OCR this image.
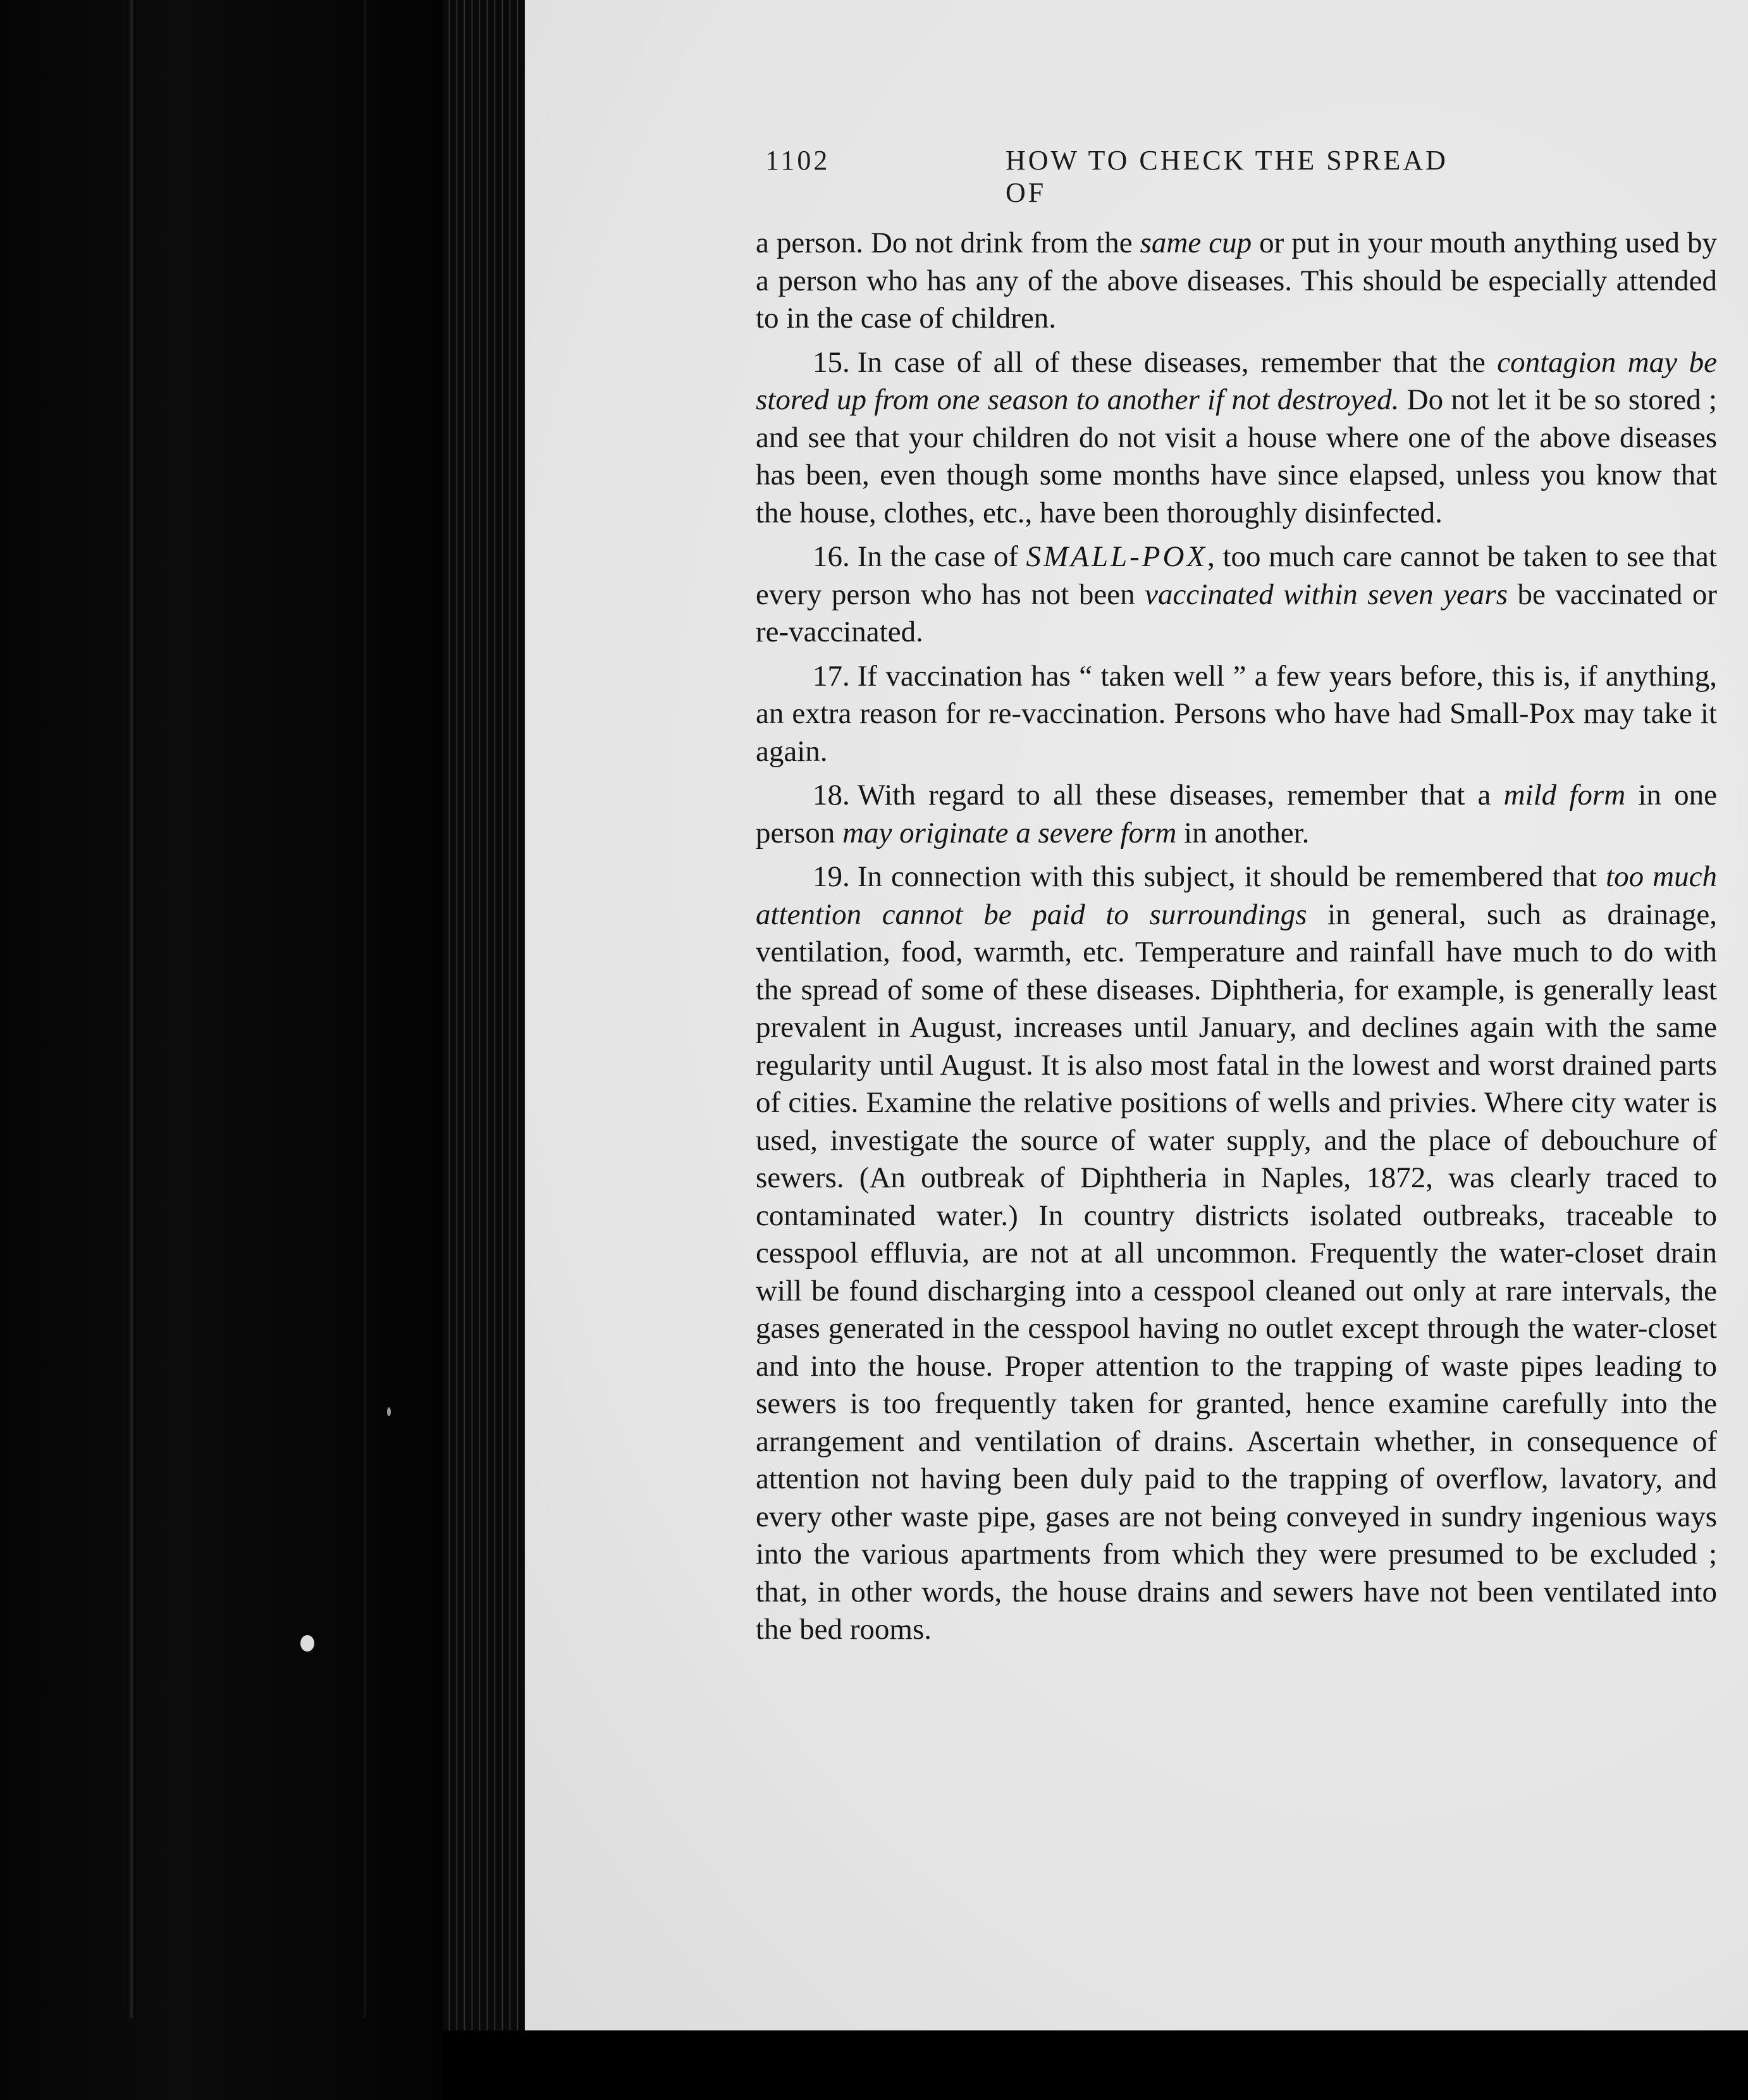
1102	HOW TO CHECK THE SPREAD OF

a person. Do not drink from the same cup or put in your mouth anything used by a person who has any of the above diseases. This should be especially attended to in the case of children.

15. In case of all of these diseases, remember that the contagion may be stored up from one season to another if not destroyed. Do not let it be so stored ; and see that your children do not visit a house where one of the above diseases has been, even though some months have since elapsed, unless you know that the house, clothes, etc., have been thoroughly disinfected.

16. In the case of SMALL-POX, too much care cannot be taken to see that every person who has not been vaccinated within seven years be vaccinated or re-vaccinated.

17. If vaccination has “ taken well ” a few years before, this is, if anything, an extra reason for re-vaccination. Persons who have had Small-Pox may take it again.

18. With regard to all these diseases, remember that a mild form in one person may originate a severe form in another.

19. In connection with this subject, it should be remembered that too much attention cannot be paid to surroundings in general, such as drainage, ventilation, food, warmth, etc. Temperature and rainfall have much to do with the spread of some of these diseases. Diphtheria, for example, is generally least prevalent in August, increases until January, and declines again with the same regularity until August. It is also most fatal in the lowest and worst drained parts of cities. Examine the relative positions of wells and privies. Where city water is used, investigate the source of water supply, and the place of debouchure of sewers. (An outbreak of Diphtheria in Naples, 1872, was clearly traced to contaminated water.) In country districts isolated outbreaks, traceable to cesspool effluvia, are not at all uncommon. Frequently the water-closet drain will be found discharging into a cesspool cleaned out only at rare intervals, the gases generated in the cesspool having no outlet except through the water-closet and into the house. Proper attention to the trapping of waste pipes leading to sewers is too frequently taken for granted, hence examine carefully into the arrangement and ventilation of drains. Ascertain whether, in consequence of attention not having been duly paid to the trapping of overflow, lavatory, and every other waste pipe, gases are not being conveyed in sundry ingenious ways into the various apartments from which they were presumed to be excluded ; that, in other words, the house drains and sewers have not been ventilated into the bed rooms.
